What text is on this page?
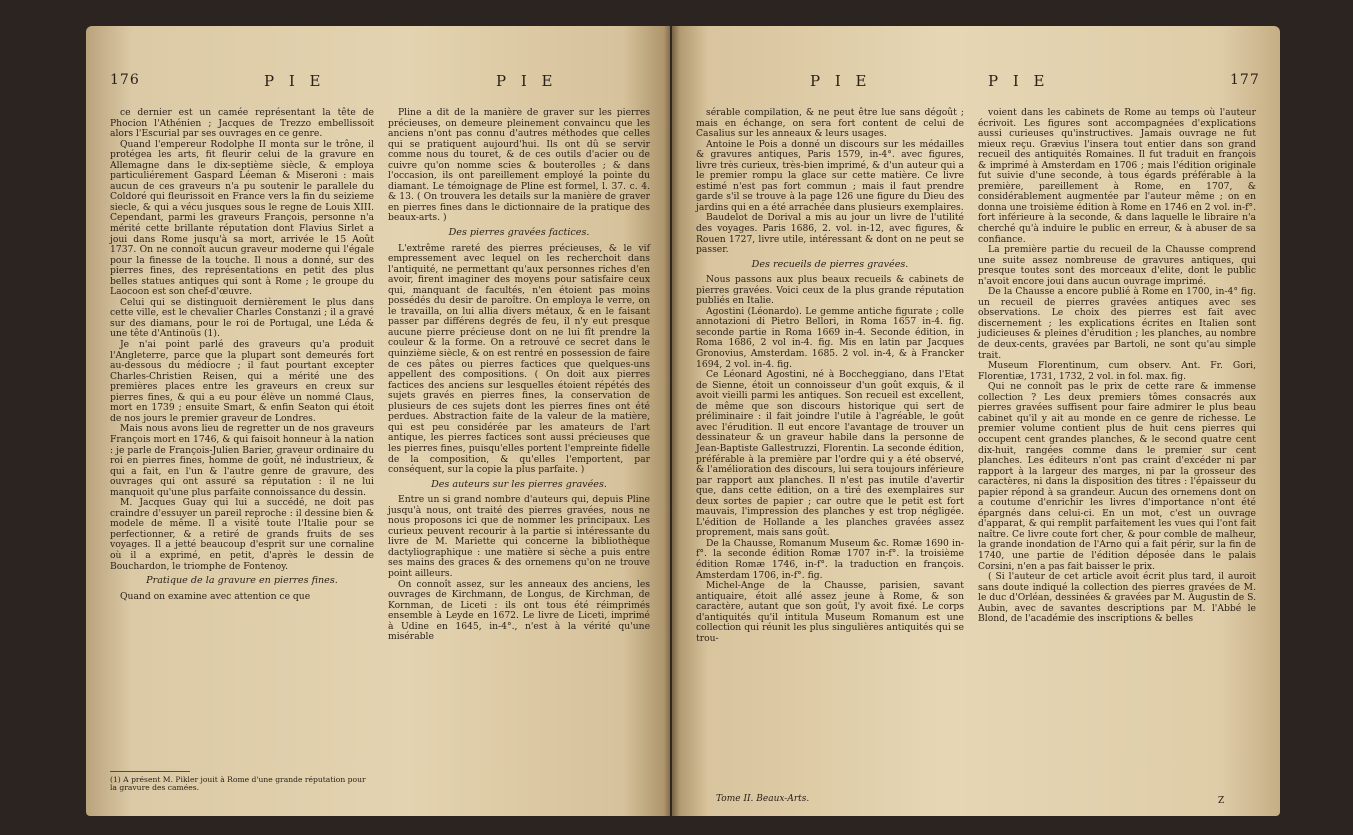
176	P I E	P I E

ce dernier est un camée représentant la tête de Phocion l'Athénien ; Jacques de Trezzo embellissoit alors l'Escurial par ses ouvrages en ce genre.

Quand l'empereur Rodolphe II monta sur le trône, il protégea les arts, fit fleurir celui de la gravure en Allemagne dans le dix-septième siècle, & employa particuliérement Gaspard Léeman & Miseroni : mais aucun de ces graveurs n'a pu soutenir le parallele du Coldoré qui fleurissoit en France vers la fin du seizieme siecle, & qui a vécu jusques sous le regne de Louis XIII. Cependant, parmi les graveurs François, personne n'a mérité cette brillante réputation dont Flavius Sirlet a joui dans Rome jusqu'à sa mort, arrivée le 15 Août 1737. On ne connoît aucun graveur moderne qui l'égale pour la finesse de la touche. Il nous a donné, sur des pierres fines, des représentations en petit des plus belles statues antiques qui sont à Rome ; le groupe du Laocoon est son chef-d'œuvre.

Celui qui se distinguoit dernièrement le plus dans cette ville, est le chevalier Charles Constanzi ; il a gravé sur des diamans, pour le roi de Portugal, une Léda & une tête d'Antinoüs (1).

Je n'ai point parlé des graveurs qu'a produit l'Angleterre, parce que la plupart sont demeurés fort au-dessous du médiocre ; il faut pourtant excepter Charles-Christien Reisen, qui a mérité une des premières places entre les graveurs en creux sur pierres fines, & qui a eu pour élève un nommé Claus, mort en 1739 ; ensuite Smart, & enfin Seaton qui étoit de nos jours le premier graveur de Londres.

Mais nous avons lieu de regretter un de nos graveurs François mort en 1746, & qui faisoit honneur à la nation : je parle de François-Julien Barier, graveur ordinaire du roi en pierres fines, homme de goût, né industrieux, & qui a fait, en l'un & l'autre genre de gravure, des ouvrages qui ont assuré sa réputation : il ne lui manquoit qu'une plus parfaite connoissance du dessin.

M. Jacques Guay qui lui a succédé, ne doit pas craindre d'essuyer un pareil reproche : il dessine bien & modele de même. Il a visité toute l'Italie pour se perfectionner, & a retiré de grands fruits de ses voyages. Il a jetté beaucoup d'esprit sur une cornaline où il a exprimé, en petit, d'après le dessin de Bouchardon, le triomphe de Fontenoy.

Pratique de la gravure en pierres fines.

Quand on examine avec attention ce que

(1) A présent M. Pikler jouit à Rome d'une grande réputation pour la gravure des camées.

Pline a dit de la manière de graver sur les pierres précieuses, on demeure pleinement convaincu que les anciens n'ont pas connu d'autres méthodes que celles qui se pratiquent aujourd'hui. Ils ont dû se servir comme nous du touret, & de ces outils d'acier ou de cuivre qu'on nomme scies & bouterolles ; & dans l'occasion, ils ont pareillement employé la pointe du diamant. Le témoignage de Pline est formel, l. 37. c. 4. & 13. ( On trouvera les details sur la manière de graver en pierres fines dans le dictionnaire de la pratique des beaux-arts. )

Des pierres gravées factices.

L'extrême rareté des pierres précieuses, & le vif empressement avec lequel on les recherchoit dans l'antiquité, ne permettant qu'aux personnes riches d'en avoir, firent imaginer des moyens pour satisfaire ceux qui, manquant de facultés, n'en étoient pas moins possédés du desir de paroître. On employa le verre, on le travailla, on lui allia divers métaux, & en le faisant passer par différens degrés de feu, il n'y eut presque aucune pierre précieuse dont on ne lui fît prendre la couleur & la forme. On a retrouvé ce secret dans le quinzième siècle, & on est rentré en possession de faire de ces pâtes ou pierres factices que quelques-uns appellent des compositions. ( On doit aux pierres factices des anciens sur lesquelles étoient répétés des sujets gravés en pierres fines, la conservation de plusieurs de ces sujets dont les pierres fines ont été perdues. Abstraction faite de la valeur de la matière, qui est peu considérée par les amateurs de l'art antique, les pierres factices sont aussi précieuses que les pierres fines, puisqu'elles portent l'empreinte fidelle de la composition, & qu'elles l'emportent, par conséquent, sur la copie la plus parfaite. )

Des auteurs sur les pierres gravées.

Entre un si grand nombre d'auteurs qui, depuis Pline jusqu'à nous, ont traité des pierres gravées, nous ne nous proposons ici que de nommer les principaux. Les curieux peuvent recourir à la partie si intéressante du livre de M. Mariette qui concerne la bibliothèque dactyliographique : une matière si sèche a puis entre ses mains des graces & des ornemens qu'on ne trouve point ailleurs.

On connoît assez, sur les anneaux des anciens, les ouvrages de Kirchmann, de Longus, de Kirchman, de Kornman, de Liceti : ils ont tous été réimprimés ensemble à Leyde en 1672. Le livre de Liceti, imprimé à Udine en 1645, in-4°., n'est à la vérité qu'une misérable

P I E	P I E	177

sérable compilation, & ne peut être lue sans dégoût ; mais en échange, on sera fort content de celui de Casalius sur les anneaux & leurs usages.

Antoine le Pois a donné un discours sur les médailles & gravures antiques, Paris 1579, in-4°. avec figures, livre très curieux, très-bien imprimé, & d'un auteur qui a le premier rompu la glace sur cette matière. Ce livre estimé n'est pas fort commun ; mais il faut prendre garde s'il se trouve à la page 126 une figure du Dieu des jardins qui en a été arrachée dans plusieurs exemplaires.

Baudelot de Dorival a mis au jour un livre de l'utilité des voyages. Paris 1686, 2. vol. in-12, avec figures, & Rouen 1727, livre utile, intéressant & dont on ne peut se passer.

Des recueils de pierres gravées.

Nous passons aux plus beaux recueils & cabinets de pierres gravées. Voici ceux de la plus grande réputation publiés en Italie.

Agostini (Léonardo). Le gemme antiche figurate ; colle annotazioni di Pietro Bellori, in Roma 1657 in-4. fig. seconde partie in Roma 1669 in-4. Seconde édition, in Roma 1686, 2 vol in-4. fig. Mis en latin par Jacques Gronovius, Amsterdam. 1685. 2 vol. in-4, & à Francker 1694, 2 vol. in-4. fig.

Ce Léonard Agostini, né à Boccheggiano, dans l'Etat de Sienne, étoit un connoisseur d'un goût exquis, & il avoit vieilli parmi les antiques. Son recueil est excellent, de même que son discours historique qui sert de préliminaire : il fait joindre l'utile à l'agréable, le goût avec l'érudition. Il eut encore l'avantage de trouver un dessinateur & un graveur habile dans la personne de Jean-Baptiste Gallestruzzi, Florentin. La seconde édition, préférable à la première par l'ordre qui y a été observé, & l'amélioration des discours, lui sera toujours inférieure par rapport aux planches. Il n'est pas inutile d'avertir que, dans cette édition, on a tiré des exemplaires sur deux sortes de papier ; car outre que le petit est fort mauvais, l'impression des planches y est trop négligée. L'édition de Hollande a les planches gravées assez proprement, mais sans goût.

De la Chausse, Romanum Museum &c. Romæ 1690 in-f°. la seconde édition Romæ 1707 in-f°. la troisième édition Romæ 1746, in-f°. la traduction en françois. Amsterdam 1706, in-f°. fig.

Michel-Ange de la Chausse, parisien, savant antiquaire, étoit allé assez jeune à Rome, & son caractère, autant que son goût, l'y avoit fixé. Le corps d'antiquités qu'il intitula Museum Romanum est une collection qui réunit les plus singulières antiquités qui se trou-

Tome II. Beaux-Arts.

voient dans les cabinets de Rome au temps où l'auteur écrivoit. Les figures sont accompagnées d'explications aussi curieuses qu'instructives. Jamais ouvrage ne fut mieux reçu. Grævius l'insera tout entier dans son grand recueil des antiquités Romaines. Il fut traduit en françois & imprimé à Amsterdam en 1706 ; mais l'édition originale fut suivie d'une seconde, à tous égards préférable à la première, pareillement à Rome, en 1707, & considérablement augmentée par l'auteur même ; on en donna une troisième édition à Rome en 1746 en 2 vol. in-f°. fort inférieure à la seconde, & dans laquelle le libraire n'a cherché qu'à induire le public en erreur, & à abuser de sa confiance.

La première partie du recueil de la Chausse comprend une suite assez nombreuse de gravures antiques, qui presque toutes sont des morceaux d'elite, dont le public n'avoit encore joui dans aucun ouvrage imprimé.

De la Chausse a encore publié à Rome en 1700, in-4° fig. un recueil de pierres gravées antiques avec ses observations. Le choix des pierres est fait avec discernement ; les explications écrites en Italien sont judicieuses & pleines d'érudition ; les planches, au nombre de deux-cents, gravées par Bartoli, ne sont qu'au simple trait.

Museum Florentinum, cum observ. Ant. Fr. Gori, Florentiæ, 1731, 1732, 2 vol. in fol. max. fig.

Qui ne connoît pas le prix de cette rare & immense collection ? Les deux premiers tômes consacrés aux pierres gravées suffisent pour faire admirer le plus beau cabinet qu'il y ait au monde en ce genre de richesse. Le premier volume contient plus de huit cens pierres qui occupent cent grandes planches, & le second quatre cent dix-huit, rangées comme dans le premier sur cent planches. Les éditeurs n'ont pas craint d'excéder ni par rapport à la largeur des marges, ni par la grosseur des caractères, ni dans la disposition des titres : l'épaisseur du papier répond à sa grandeur. Aucun des ornemens dont on a coutume d'enrichir les livres d'importance n'ont été épargnés dans celui-ci. En un mot, c'est un ouvrage d'apparat, & qui remplit parfaitement les vues qui l'ont fait naître. Ce livre coute fort cher, & pour comble de malheur, la grande inondation de l'Arno qui a fait périr, sur la fin de 1740, une partie de l'édition déposée dans le palais Corsini, n'en a pas fait baisser le prix.

( Si l'auteur de cet article avoit écrit plus tard, il auroit sans doute indiqué la collection des pierres gravées de M. le duc d'Orléan, dessinées & gravées par M. Augustin de S. Aubin, avec de savantes descriptions par M. l'Abbé le Blond, de l'académie des inscriptions & belles

Z
